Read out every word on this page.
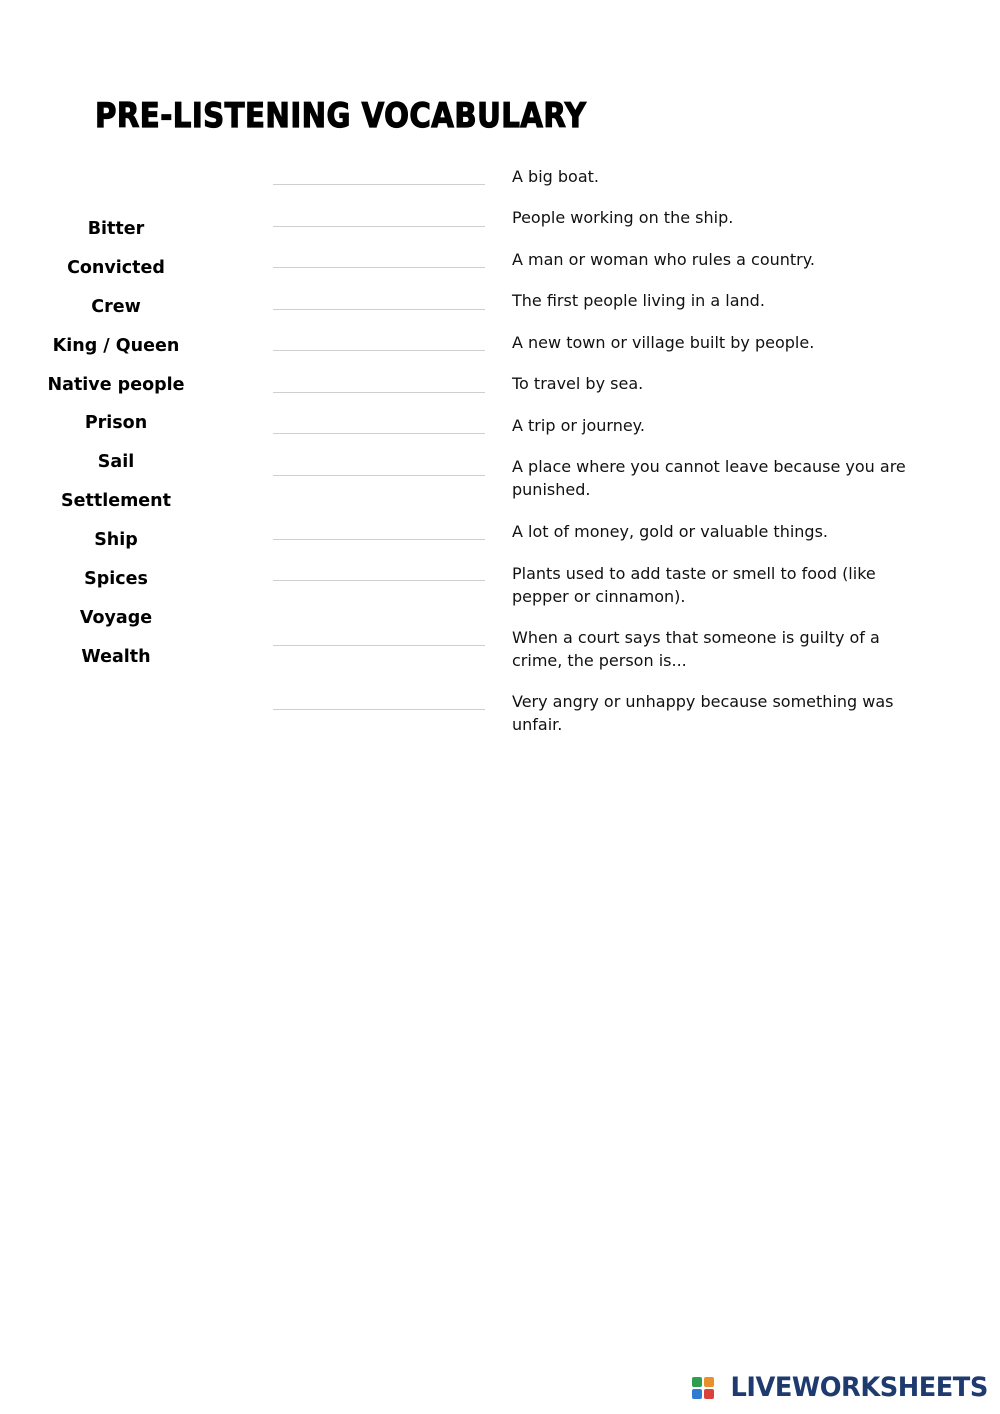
PRE-LISTENING VOCABULARY
Bitter
Convicted
Crew
King / Queen
Native people
Prison
Sail
Settlement
Ship
Spices
Voyage
Wealth
A big boat.
People working on the ship.
A man or woman who rules a country.
The first people living in a land.
A new town or village built by people.
To travel by sea.
A trip or journey.
A place where you cannot leave because you are punished.
A lot of money, gold or valuable things.
Plants used to add taste or smell to food (like pepper or cinnamon).
When a court says that someone is guilty of a crime, the person is...
Very angry or unhappy because something was unfair.
LIVEWORKSHEETS
